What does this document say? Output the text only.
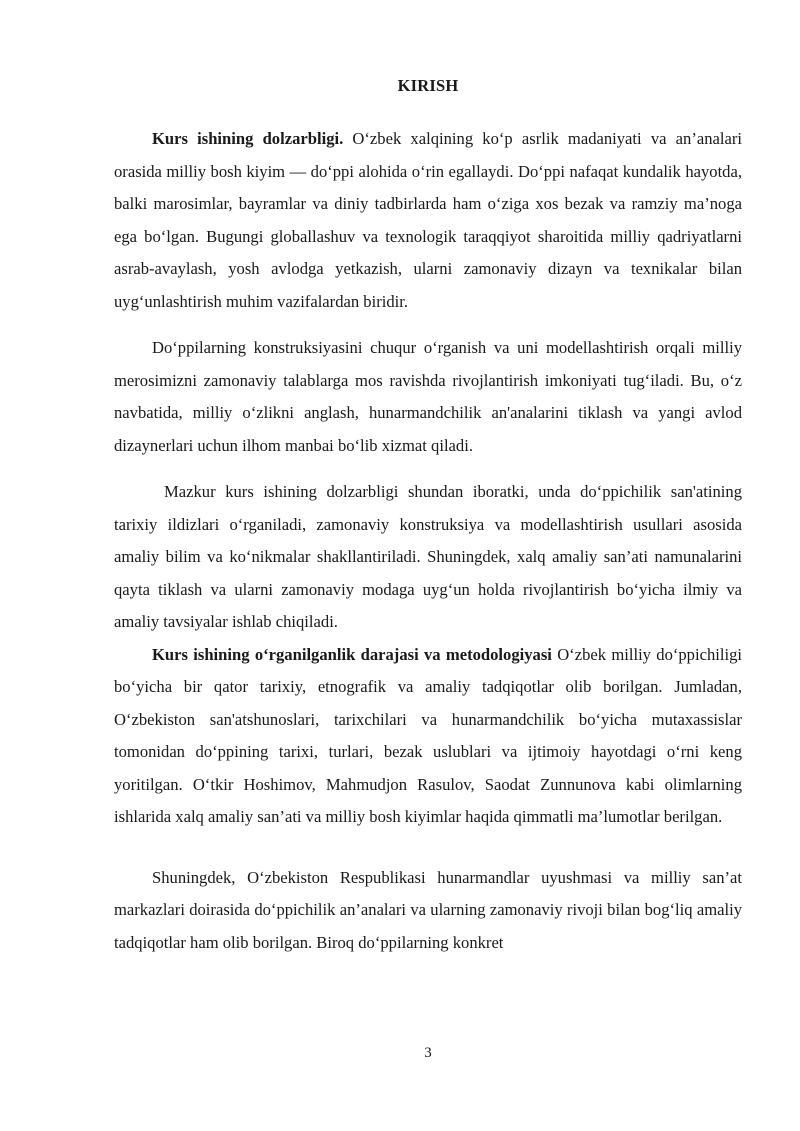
KIRISH

Kurs ishining dolzarbligi. O‘zbek xalqining ko‘p asrlik madaniyati va an’analari orasida milliy bosh kiyim — do‘ppi alohida o‘rin egallaydi. Do‘ppi nafaqat kundalik hayotda, balki marosimlar, bayramlar va diniy tadbirlarda ham o‘ziga xos bezak va ramziy ma’noga ega bo‘lgan. Bugungi globallashuv va texnologik taraqqiyot sharoitida milliy qadriyatlarni asrab-avaylash, yosh avlodga yetkazish, ularni zamonaviy dizayn va texnikalar bilan uyg‘unlashtirish muhim vazifalardan biridir.

Do‘ppilarning konstruksiyasini chuqur o‘rganish va uni modellashtirish orqali milliy merosimizni zamonaviy talablarga mos ravishda rivojlantirish imkoniyati tug‘iladi. Bu, o‘z navbatida, milliy o‘zlikni anglash, hunarmandchilik an'analarini tiklash va yangi avlod dizaynerlari uchun ilhom manbai bo‘lib xizmat qiladi.

Mazkur kurs ishining dolzarbligi shundan iboratki, unda do‘ppichilik san'atining tarixiy ildizlari o‘rganiladi, zamonaviy konstruksiya va modellashtirish usullari asosida amaliy bilim va ko‘nikmalar shakllantiriladi. Shuningdek, xalq amaliy san’ati namunalarini qayta tiklash va ularni zamonaviy modaga uyg‘un holda rivojlantirish bo‘yicha ilmiy va amaliy tavsiyalar ishlab chiqiladi.

Kurs ishining o‘rganilganlik darajasi va metodologiyasi O‘zbek milliy do‘ppichiligi bo‘yicha bir qator tarixiy, etnografik va amaliy tadqiqotlar olib borilgan. Jumladan, O‘zbekiston san'atshunoslari, tarixchilari va hunarmandchilik bo‘yicha mutaxassislar tomonidan do‘ppining tarixi, turlari, bezak uslublari va ijtimoiy hayotdagi o‘rni keng yoritilgan. O‘tkir Hoshimov, Mahmudjon Rasulov, Saodat Zunnunova kabi olimlarning ishlarida xalq amaliy san’ati va milliy bosh kiyimlar haqida qimmatli ma’lumotlar berilgan.

Shuningdek, O‘zbekiston Respublikasi hunarmandlar uyushmasi va milliy san’at markazlari doirasida do‘ppichilik an’analari va ularning zamonaviy rivoji bilan bog‘liq amaliy tadqiqotlar ham olib borilgan. Biroq do‘ppilarning konkret

3
